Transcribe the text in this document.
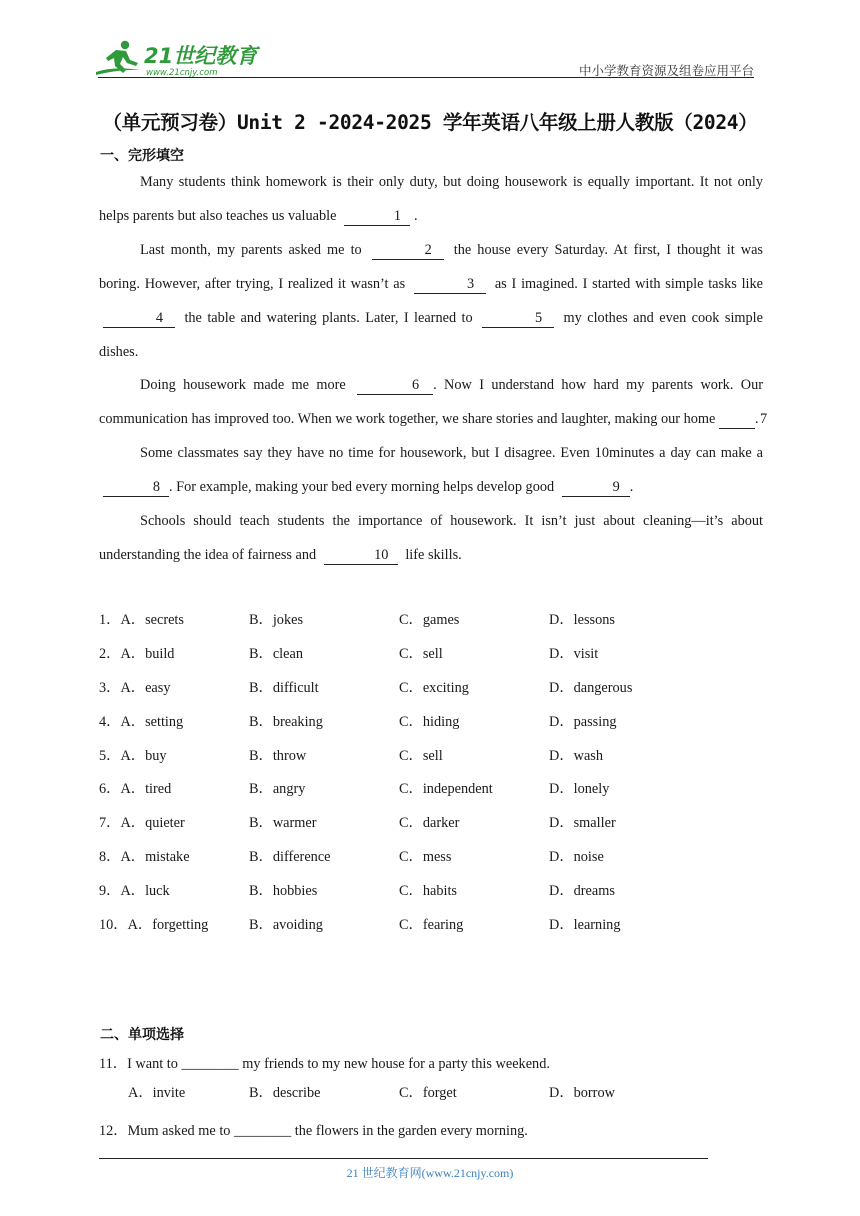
21世纪教育
www.21cnjy.com	中小学教育资源及组卷应用平台
（单元预习卷）Unit 2 -2024-2025 学年英语八年级上册人教版（2024）
一、完形填空

Many students think homework is their only duty, but doing housework is equally important. It not only helps parents but also teaches us valuable	1 .

Last month, my parents asked me to	2 the house every Saturday. At first, I thought it was boring. However, after trying, I realized it wasn’t as	3 as I imagined. I started with simple tasks like 4 the table and watering plants. Later, I learned to	5 my clothes and even cook simple dishes.

Doing housework made me more	6 . Now I understand how hard my parents work. Our communication has improved too. When we work together, we share stories and laughter, making our home	7.

Some classmates say they have no time for housework, but I disagree. Even 10minutes a day can make a 8 . For example, making your bed every morning helps develop good	9 .

Schools should teach students the importance of housework. It isn’t just about cleaning—it’s about understanding the idea of fairness and	10 life skills.

1．A．secrets	B．jokes	C．games	D．lessons
2．A．build	B．clean	C．sell	D．visit
3．A．easy	B．difficult	C．exciting	D．dangerous
4．A．setting	B．breaking	C．hiding	D．passing
5．A．buy	B．throw	C．sell	D．wash
6．A．tired	B．angry	C．independent	D．lonely
7．A．quieter	B．warmer	C．darker	D．smaller
8．A．mistake	B．difference	C．mess	D．noise
9．A．luck	B．hobbies	C．habits	D．dreams
10．A．forgetting	B．avoiding	C．fearing	D．learning
二、单项选择
11．I want to ________ my friends to my new house for a party this weekend.
A．invite	B．describe	C．forget	D．borrow
12．Mum asked me to ________ the flowers in the garden every morning.
21 世纪教育网(www.21cnjy.com)
